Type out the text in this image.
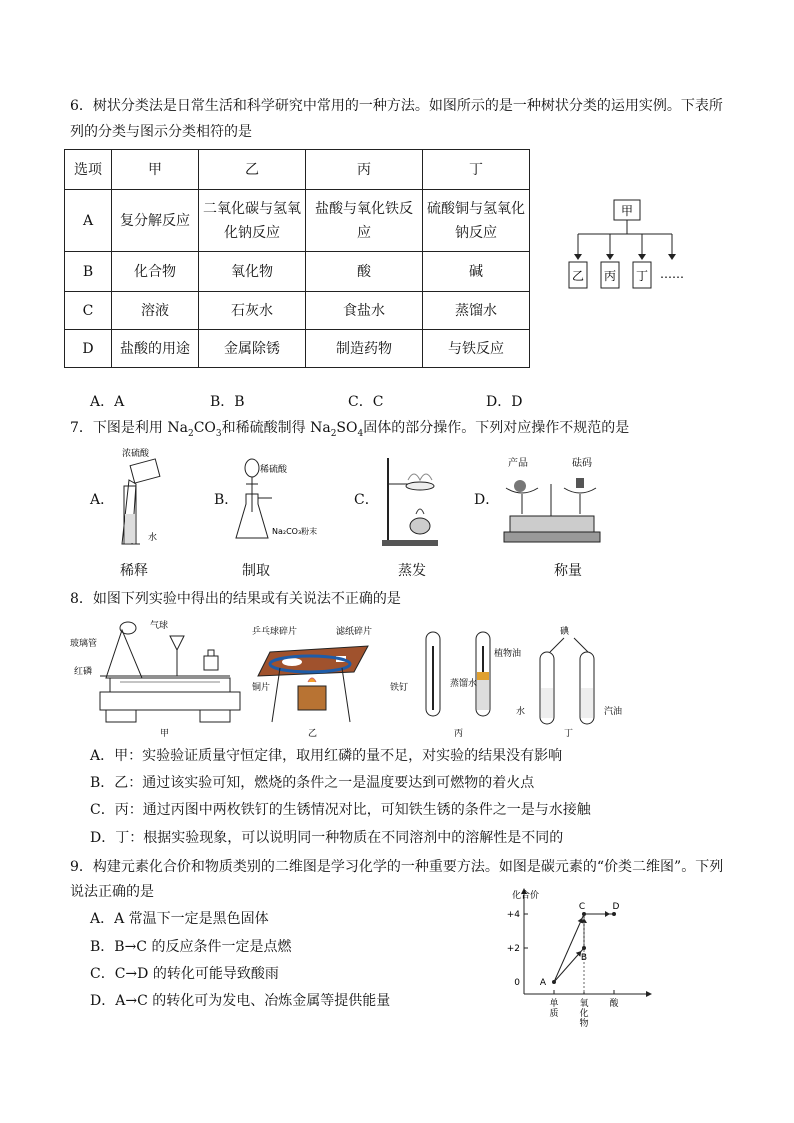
6．树状分类法是日常生活和科学研究中常用的一种方法。如图所示的是一种树状分类的运用实例。下表所
列的分类与图示分类相符的是
选项	甲	乙	丙	丁
A	复分解反应	二氧化碳与氢氧化钠反应	盐酸与氧化铁反应	硫酸铜与氢氧化钠反应
B	化合物	氧化物	酸	碱
C	溶液	石灰水	食盐水	蒸馏水
D	盐酸的用途	金属除锈	制造药物	与铁反应
甲
乙 丙 丁 ……
A．A	B．B	C．C	D．D
7．下图是利用 $Na_2CO_3$和稀硫酸制得 $Na_2SO_4$固体的部分操作。下列对应操作不规范的是
A．	B．	C．	D．
浓硫酸
水
稀硫酸
Na₂CO₃粉末
产品	砝码
稀释	制取	蒸发	称量
8．如图下列实验中得出的结果或有关说法不正确的是
气球
玻璃管
红磷
甲
乒乓球碎片	滤纸碎片
铜片
乙
铁钉	蒸馏水
植物油
丙
碘
水	汽油
丁
A．甲：实验验证质量守恒定律，取用红磷的量不足，对实验的结果没有影响
B．乙：通过该实验可知，燃烧的条件之一是温度要达到可燃物的着火点
C．丙：通过丙图中两枚铁钉的生锈情况对比，可知铁生锈的条件之一是与水接触
D．丁：根据实验现象，可以说明同一种物质在不同溶剂中的溶解性是不同的
9．构建元素化合价和物质类别的二维图是学习化学的一种重要方法。如图是碳元素的“价类二维图”。下列
说法正确的是
A．A 常温下一定是黑色固体
B．B→C 的反应条件一定是点燃
C．C→D 的转化可能导致酸雨
D．A→C 的转化可为发电、冶炼金属等提供能量
化合价
0
+2
+4
单
质
氧
化
物
酸
A
B
C	D
